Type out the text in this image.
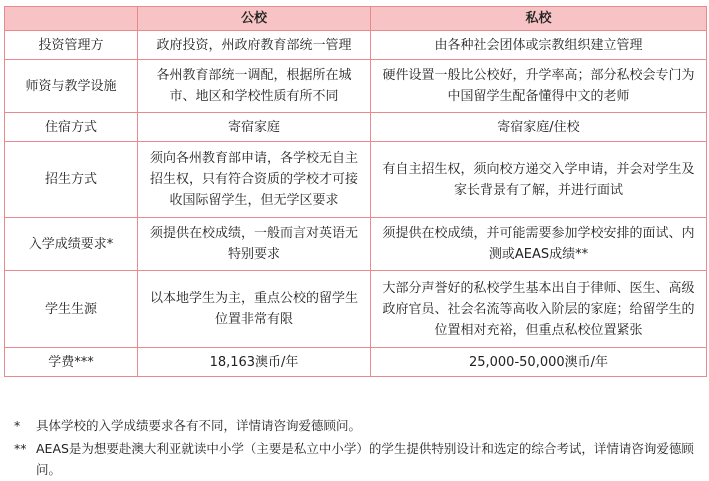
	公校	私校
投资管理方	政府投资，州政府教育部统一管理	由各种社会团体或宗教组织建立管理
师资与教学设施	各州教育部统一调配，根据所在城市、地区和学校性质有所不同	硬件设置一般比公校好，升学率高；部分私校会专门为中国留学生配备懂得中文的老师
住宿方式	寄宿家庭	寄宿家庭/住校
招生方式	须向各州教育部申请，各学校无自主招生权，只有符合资质的学校才可接收国际留学生，但无学区要求	有自主招生权，须向校方递交入学申请，并会对学生及家长背景有了解，并进行面试
入学成绩要求*	须提供在校成绩，一般而言对英语无特别要求	须提供在校成绩，并可能需要参加学校安排的面试、内测或AEAS成绩**
学生生源	以本地学生为主，重点公校的留学生位置非常有限	大部分声誉好的私校学生基本出自于律师、医生、高级政府官员、社会名流等高收入阶层的家庭；给留学生的位置相对充裕，但重点私校位置紧张
学费***	18,163澳币/年	25,000-50,000澳币/年
*	具体学校的入学成绩要求各有不同，详情请咨询爱德顾问。
** AEAS是为想要赴澳大利亚就读中小学（主要是私立中小学）的学生提供特别设计和选定的综合考试，详情请咨询爱德顾问。
